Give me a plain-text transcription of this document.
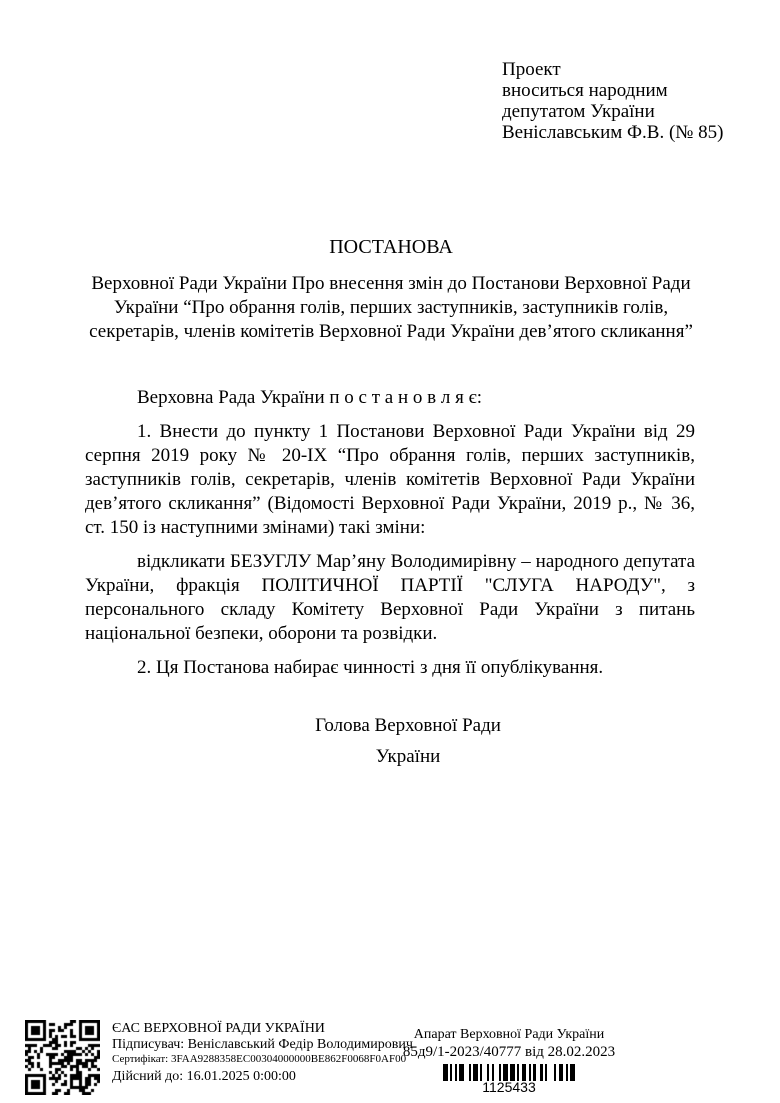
Проект
вноситься народним
депутатом України
Веніславським Ф.В. (№ 85)
ПОСТАНОВА
Верховної Ради України Про внесення змін до Постанови Верховної Ради України “Про обрання голів, перших заступників, заступників голів, секретарів, членів комітетів Верховної Ради України дев’ятого скликання”

Верховна Рада України п о с т а н о в л я є:

1. Внести до пункту 1 Постанови Верховної Ради України від 29 серпня 2019 року № 20-IX “Про обрання голів, перших заступників, заступників голів, секретарів, членів комітетів Верховної Ради України дев’ятого скликання” (Відомості Верховної Ради України, 2019 р., № 36, ст. 150 із наступними змінами) такі зміни:

відкликати БЕЗУГЛУ Мар’яну Володимирівну – народного депутата України, фракція ПОЛІТИЧНОЇ ПАРТІЇ "СЛУГА НАРОДУ", з персонального складу Комітету Верховної Ради України з питань національної безпеки, оборони та розвідки.

2. Ця Постанова набирає чинності з дня її опублікування.

Голова Верховної Ради
України
ЄАС ВЕРХОВНОЇ РАДИ УКРАЇНИ
Підписувач: Веніславський Федір Володимирович
Сертифікат: 3FAA9288358EC00304000000BE862F0068F0AF00
Дійсний до: 16.01.2025 0:00:00
Апарат Верховної Ради України
85д9/1-2023/40777 від 28.02.2023
1125433
